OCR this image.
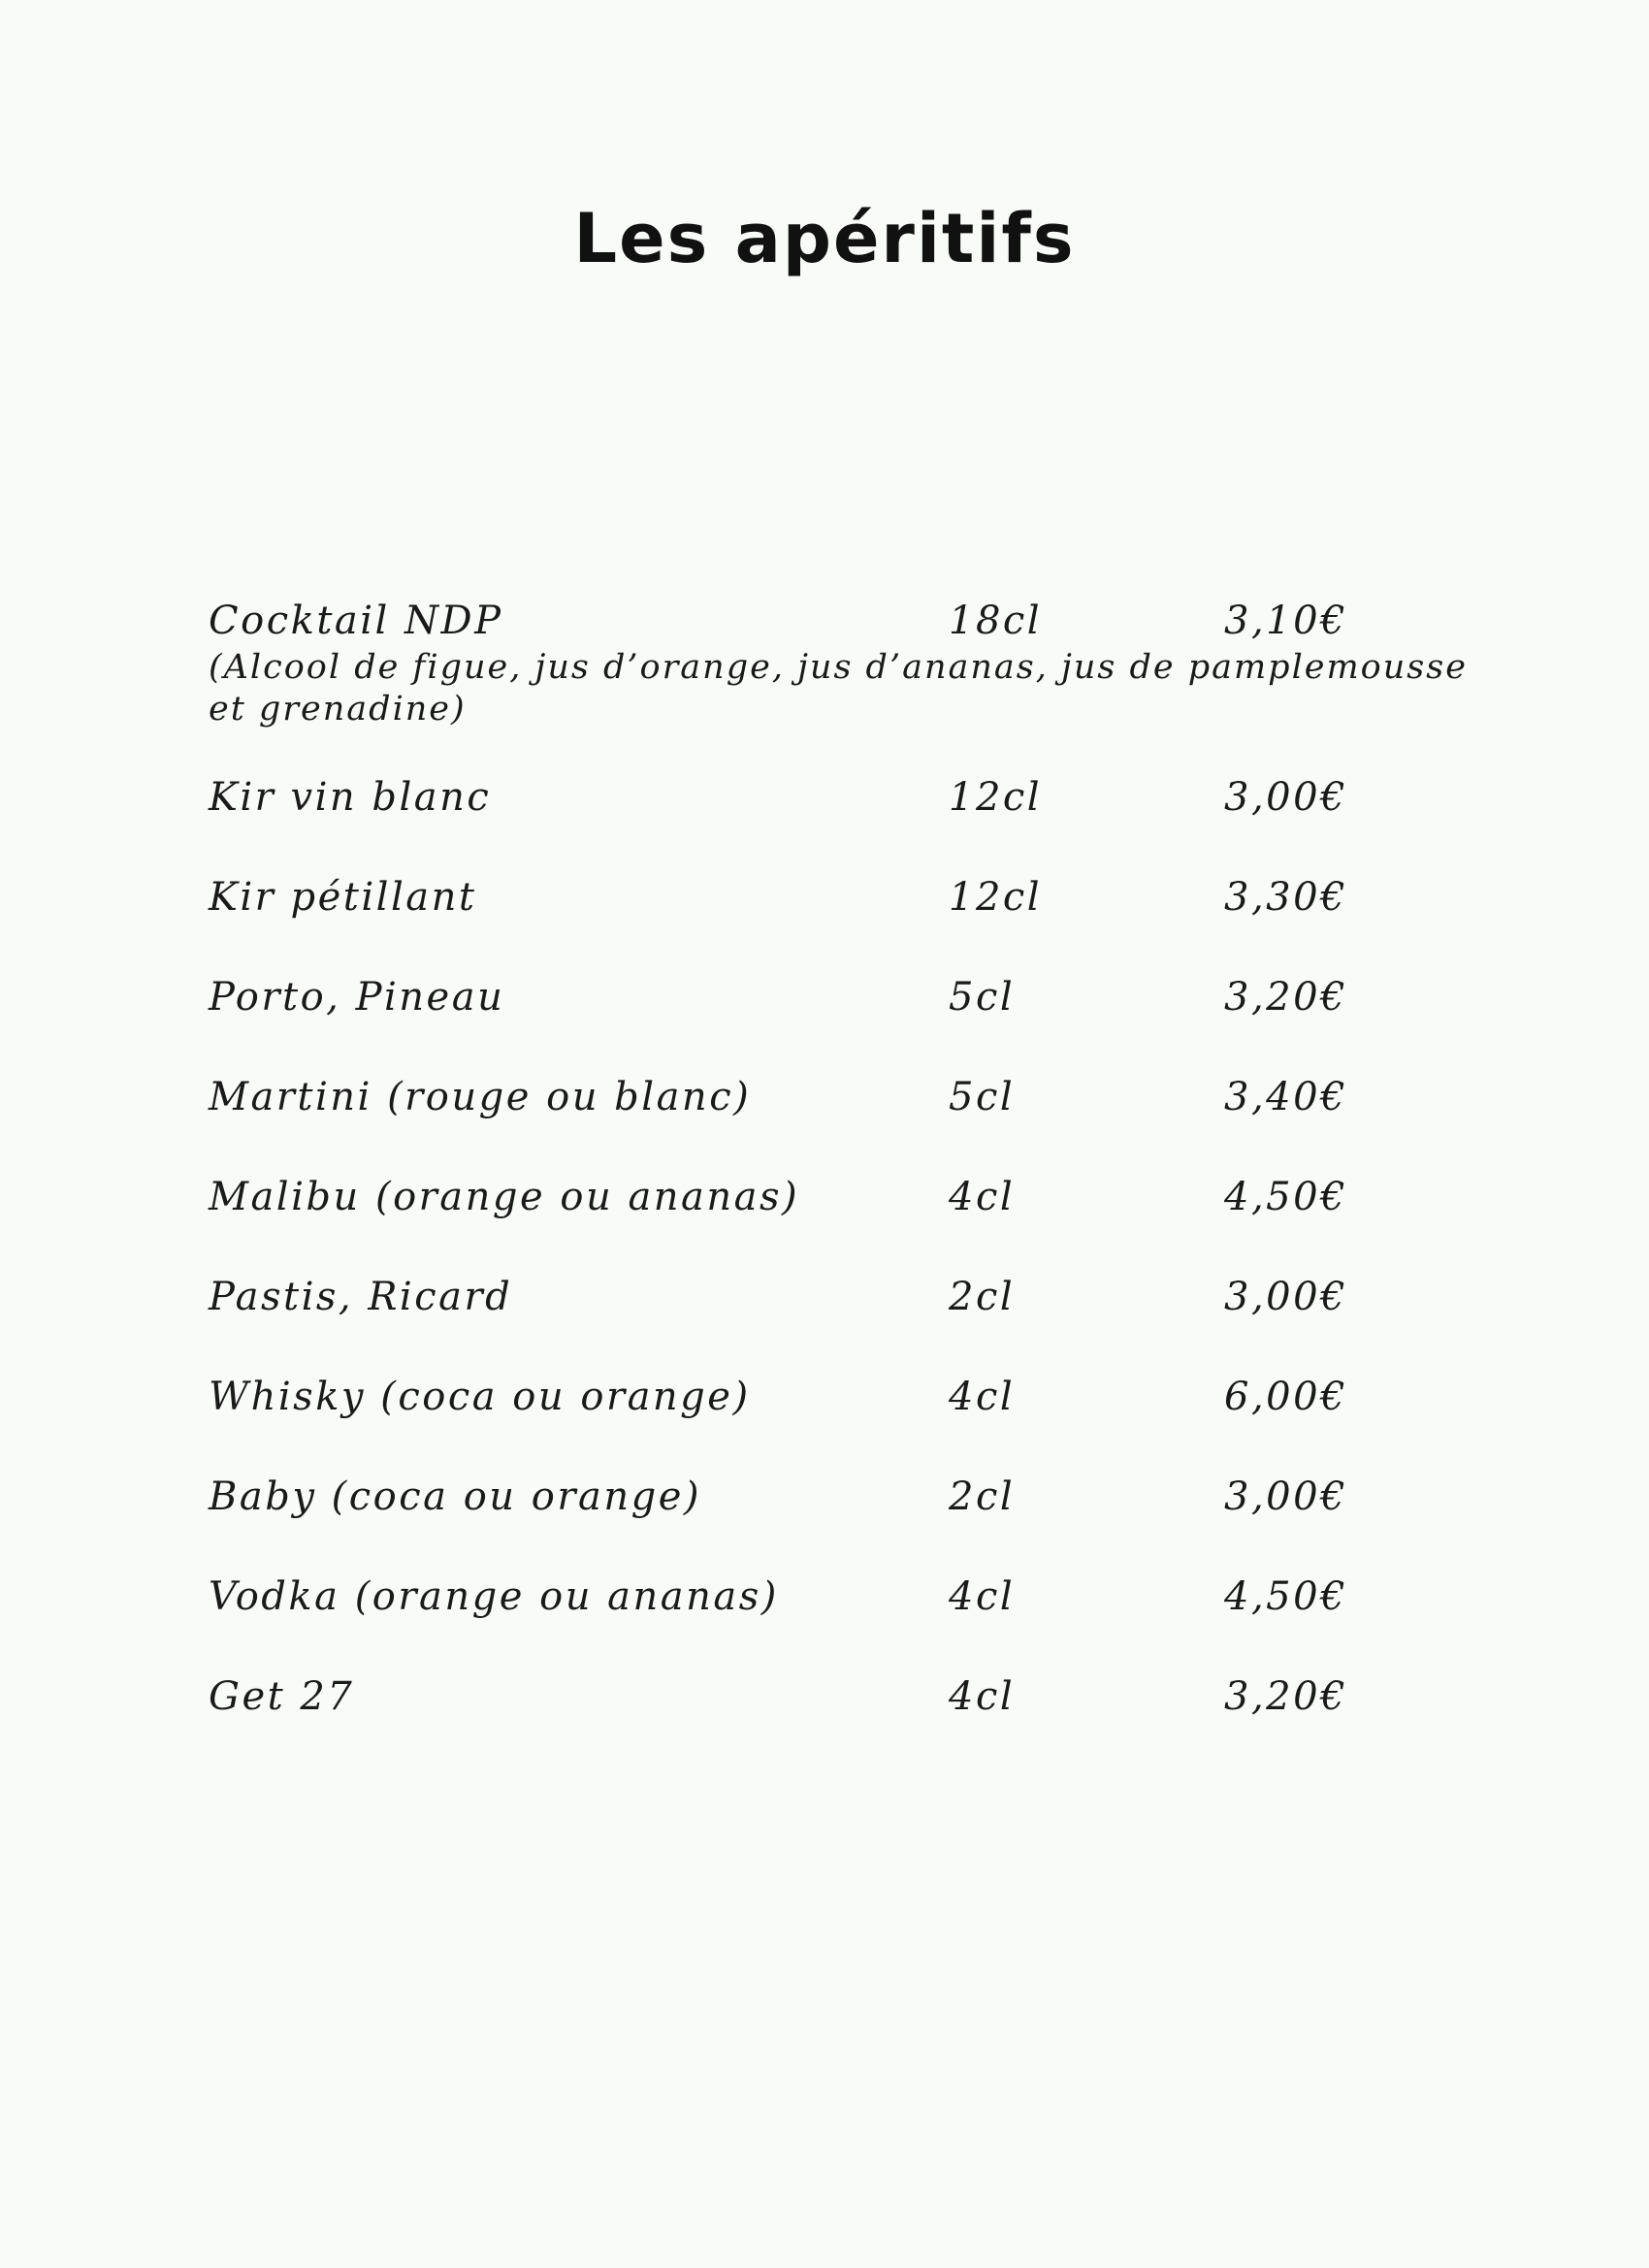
Les apéritifs
Cocktail NDP	18cl	3,10€
(Alcool de figue, jus d’orange, jus d’ananas, jus de pamplemousse et grenadine)
Kir vin blanc	12cl	3,00€
Kir pétillant	12cl	3,30€
Porto, Pineau	5cl	3,20€
Martini (rouge ou blanc)	5cl	3,40€
Malibu (orange ou ananas)	4cl	4,50€
Pastis, Ricard	2cl	3,00€
Whisky (coca ou orange)	4cl	6,00€
Baby (coca ou orange)	2cl	3,00€
Vodka (orange ou ananas)	4cl	4,50€
Get 27	4cl	3,20€
